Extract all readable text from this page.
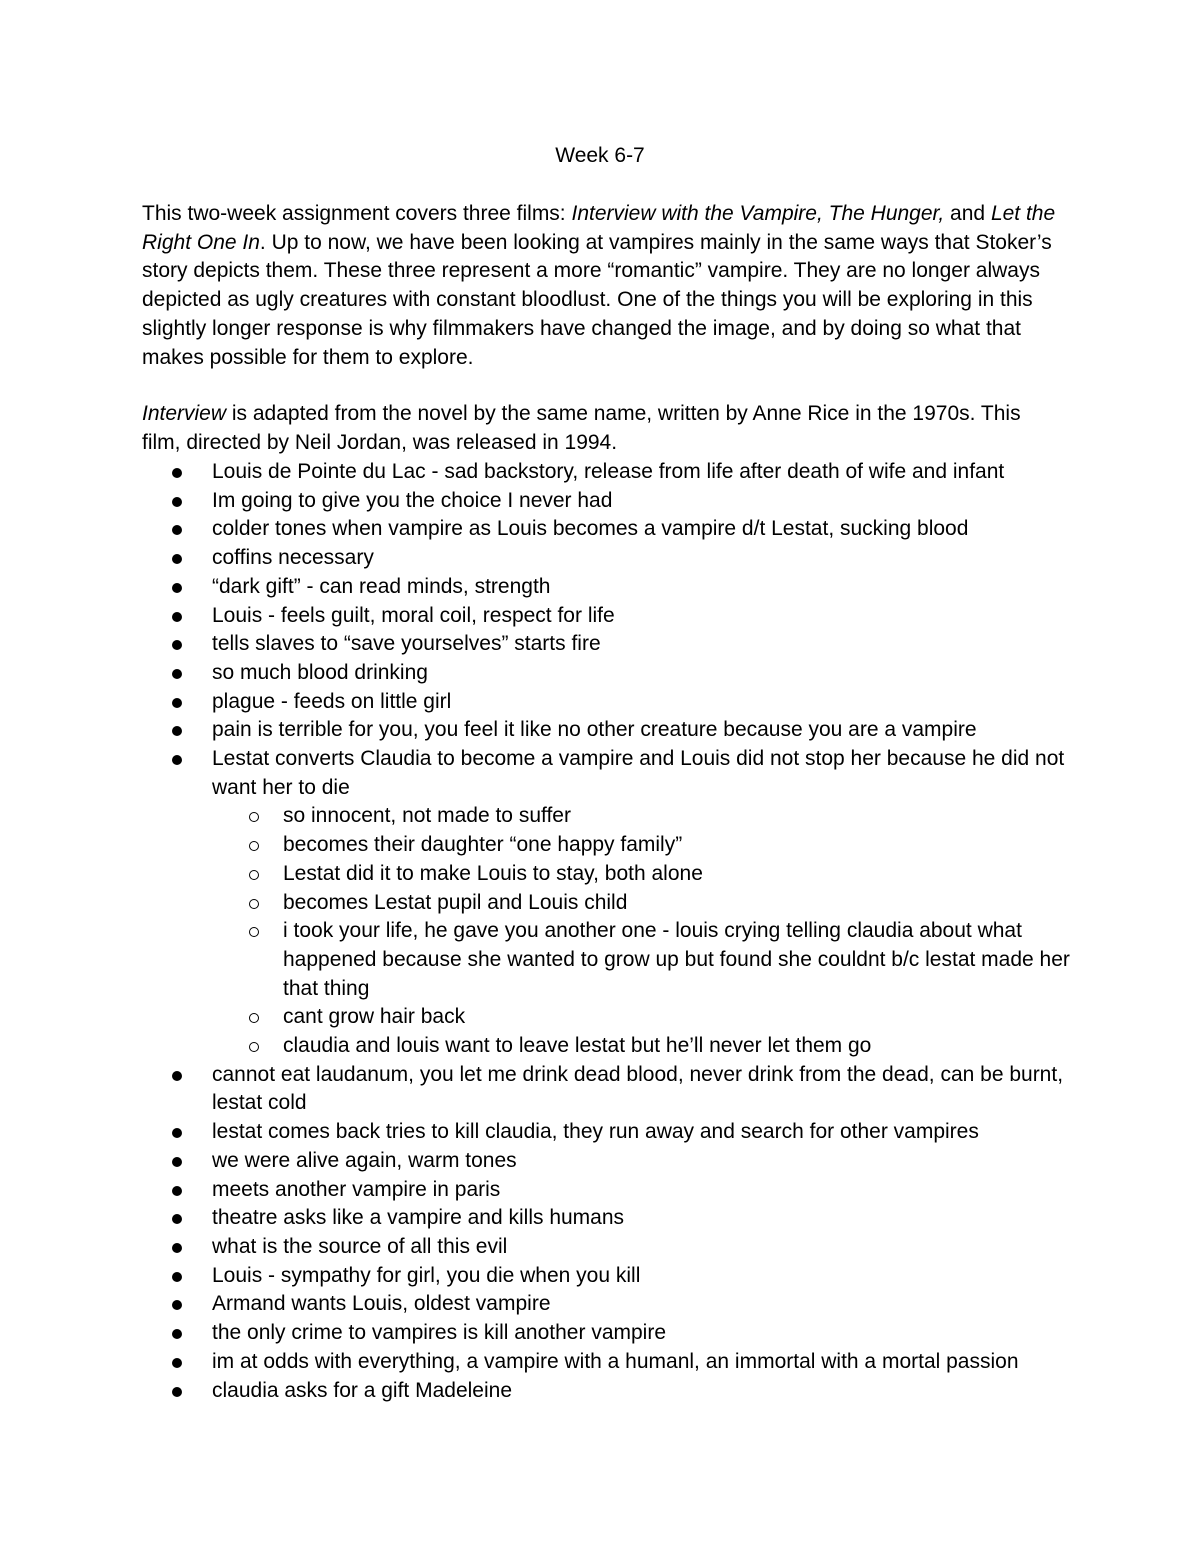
Week 6-7

This two-week assignment covers three films: Interview with the Vampire, The Hunger, and Let the Right One In. Up to now, we have been looking at vampires mainly in the same ways that Stoker’s story depicts them. These three represent a more “romantic” vampire. They are no longer always depicted as ugly creatures with constant bloodlust. One of the things you will be exploring in this slightly longer response is why filmmakers have changed the image, and by doing so what that makes possible for them to explore.

Interview is adapted from the novel by the same name, written by Anne Rice in the 1970s. This film, directed by Neil Jordan, was released in 1994.

Louis de Pointe du Lac - sad backstory, release from life after death of wife and infant
Im going to give you the choice I never had
colder tones when vampire as Louis becomes a vampire d/t Lestat, sucking blood
coffins necessary
“dark gift” - can read minds, strength
Louis - feels guilt, moral coil, respect for life
tells slaves to “save yourselves” starts fire
so much blood drinking
plague - feeds on little girl
pain is terrible for you, you feel it like no other creature because you are a vampire
Lestat converts Claudia to become a vampire and Louis did not stop her because he did not want her to die
so innocent, not made to suffer
becomes their daughter “one happy family”
Lestat did it to make Louis to stay, both alone
becomes Lestat pupil and Louis child
i took your life, he gave you another one - louis crying telling claudia about what happened because she wanted to grow up but found she couldnt b/c lestat made her that thing
cant grow hair back
claudia and louis want to leave lestat but he’ll never let them go
cannot eat laudanum, you let me drink dead blood, never drink from the dead, can be burnt, lestat cold
lestat comes back tries to kill claudia, they run away and search for other vampires
we were alive again, warm tones
meets another vampire in paris
theatre asks like a vampire and kills humans
what is the source of all this evil
Louis - sympathy for girl, you die when you kill
Armand wants Louis, oldest vampire
the only crime to vampires is kill another vampire
im at odds with everything, a vampire with a humanl, an immortal with a mortal passion
claudia asks for a gift Madeleine
